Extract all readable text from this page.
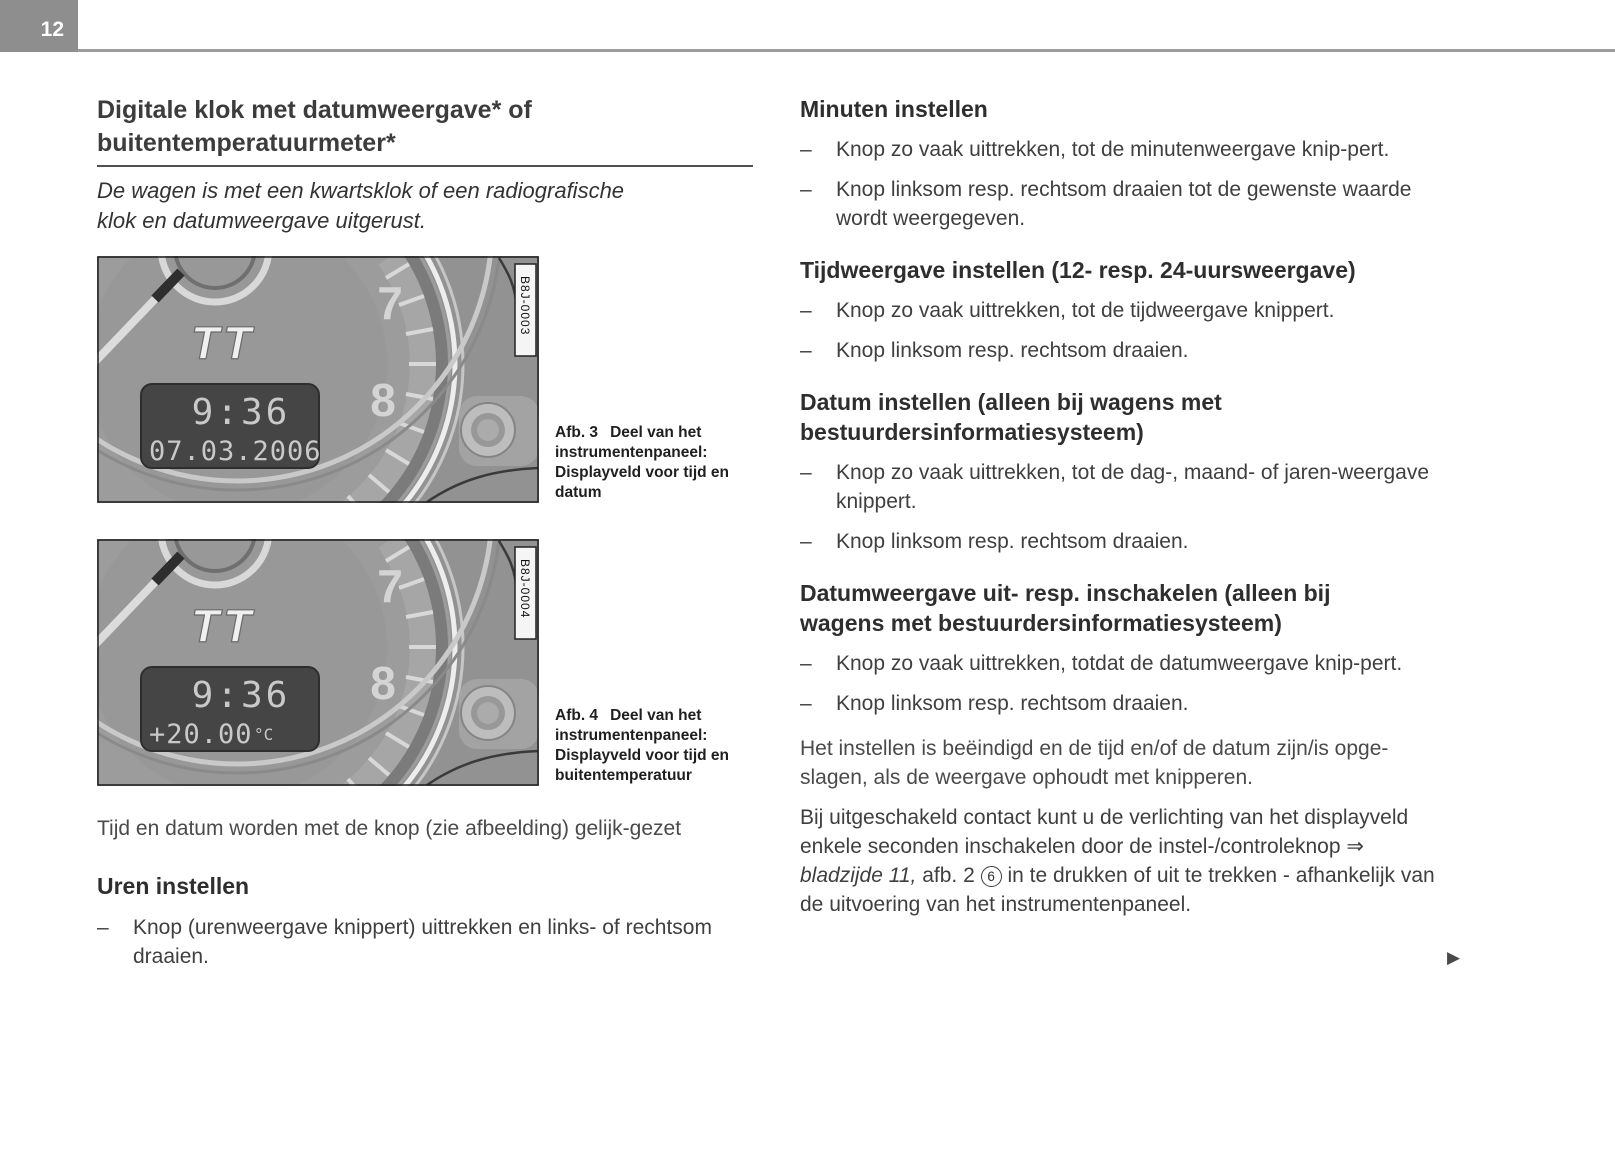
12
Digitale klok met datumweergave* of buitentemperatuurmeter*

De wagen is met een kwartsklok of een radiografische klok en datumweergave uitgerust.

TT
7
8
9:36
07.03.2006
B8J-0003
Afb. 3 Deel van het instrumentenpaneel: Displayveld voor tijd en datum
TT
7
8
9:36
+20.00 °C
B8J-0004
Afb. 4 Deel van het instrumentenpaneel: Displayveld voor tijd en buitentemperatuur

Tijd en datum worden met de knop (zie afbeelding) gelijk-gezet

Uren instellen
–	Knop (urenweergave knippert) uittrekken en links- of rechtsom draaien.
Minuten instellen
–	Knop zo vaak uittrekken, tot de minutenweergave knip-pert.
–	Knop linksom resp. rechtsom draaien tot de gewenste waarde wordt weergegeven.
Tijdweergave instellen (12- resp. 24-uursweergave)
–	Knop zo vaak uittrekken, tot de tijdweergave knippert.
–	Knop linksom resp. rechtsom draaien.
Datum instellen (alleen bij wagens met bestuurdersinformatiesysteem)
–	Knop zo vaak uittrekken, tot de dag-, maand- of jaren-weergave knippert.
–	Knop linksom resp. rechtsom draaien.
Datumweergave uit- resp. inschakelen (alleen bij wagens met bestuurdersinformatiesysteem)
–	Knop zo vaak uittrekken, totdat de datumweergave knip-pert.
–	Knop linksom resp. rechtsom draaien.

Het instellen is beëindigd en de tijd en/of de datum zijn/is opge-slagen, als de weergave ophoudt met knipperen.

Bij uitgeschakeld contact kunt u de verlichting van het displayveld enkele seconden inschakelen door de instel-/controleknop ⇒ bladzijde 11, afb. 2 6 in te drukken of uit te trekken - afhankelijk van de uitvoering van het instrumentenpaneel.

▶
